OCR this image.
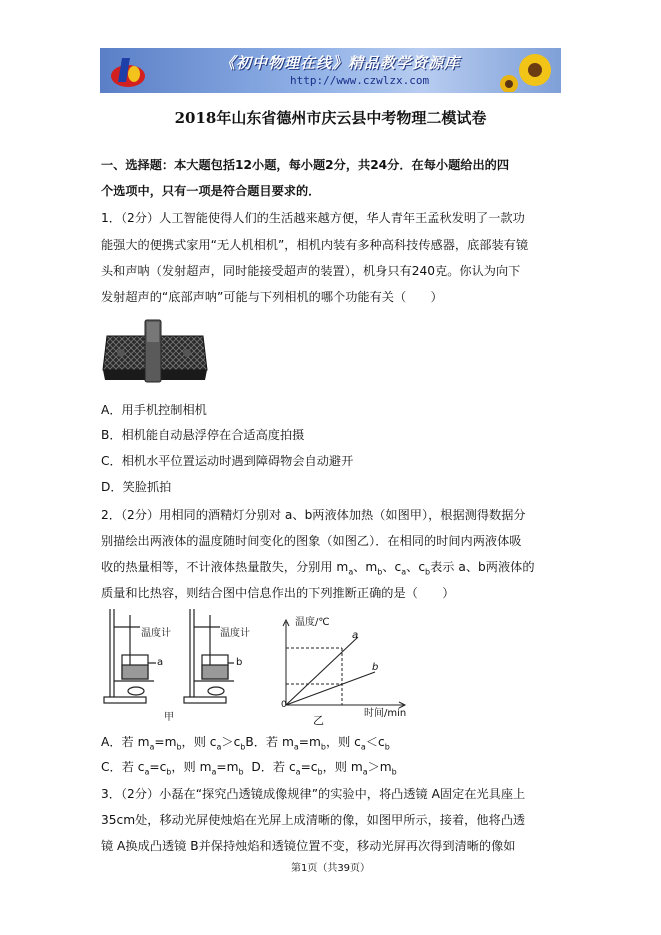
《初中物理在线》精品教学资源库
http://www.czwlzx.com
2018年山东省德州市庆云县中考物理二模试卷
一、选择题：本大题包括12小题，每小题2分，共24分．在每小题给出的四
个选项中，只有一项是符合题目要求的．
1．（2分）人工智能使得人们的生活越来越方便，华人青年王孟秋发明了一款功
能强大的便携式家用“无人机相机”，相机内装有多种高科技传感器，底部装有镜
头和声呐（发射超声，同时能接受超声的装置），机身只有240克。你认为向下
发射超声的“底部声呐”可能与下列相机的哪个功能有关（　　）
A．用手机控制相机
B．相机能自动悬浮停在合适高度拍摄
C．相机水平位置运动时遇到障碍物会自动避开
D．笑脸抓拍
2．（2分）用相同的酒精灯分别对 a、b两液体加热（如图甲），根据测得数据分
别描绘出两液体的温度随时间变化的图象（如图乙）．在相同的时间内两液体吸
收的热量相等，不计液体热量散失，分别用 $m_a$、$m_b$、$c_a$、$c_b$表示 a、b两液体的
质量和比热容，则结合图中信息作出的下列推断正确的是（　　）
温度计	温度计
a	b
甲
温度/℃
a
b
0
时间/min
乙
A．若 $m_a=m_b$，则 $c_a>c_bB$．若 $m_a=m_b$，则 $c_a<c_b$
C．若 $c_a=c_b$，则 $m_a=m_b$ D．若 $c_a=c_b$，则 $m_a>m_b$
3．（2分）小磊在“探究凸透镜成像规律”的实验中，将凸透镜 A固定在光具座上
35cm处，移动光屏使烛焰在光屏上成清晰的像，如图甲所示，接着，他将凸透
镜 A换成凸透镜 B并保持烛焰和透镜位置不变，移动光屏再次得到清晰的像如
第1页（共39页）
